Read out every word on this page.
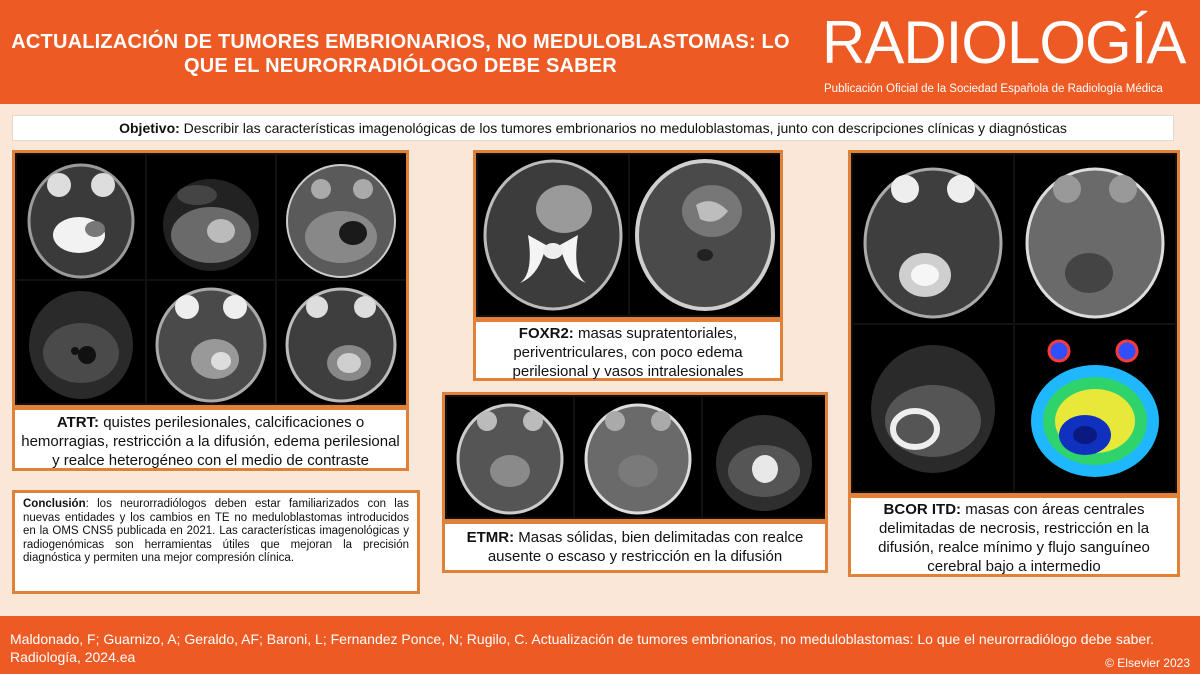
ACTUALIZACIÓN DE TUMORES EMBRIONARIOS, NO MEDULOBLASTOMAS: LO QUE EL NEURORRADIÓLOGO DEBE SABER	RADIOLOGÍA
Publicación Oficial de la Sociedad Española de Radiología Médica
Objetivo: Describir las características imagenológicas de los tumores embrionarios no meduloblastomas, junto con descripciones clínicas y diagnósticas
ATRT: quistes perilesionales, calcificaciones o hemorragias, restricción a la difusión, edema perilesional y realce heterogéneo con el medio de contraste
FOXR2: masas supratentoriales, periventriculares, con poco edema perilesional y vasos intralesionales
ETMR: Masas sólidas, bien delimitadas con realce ausente o escaso y restricción en la difusión
BCOR ITD: masas con áreas centrales delimitadas de necrosis, restricción en la difusión, realce mínimo y flujo sanguíneo cerebral bajo a intermedio
Conclusión: los neurorradiólogos deben estar familiarizados con las nuevas entidades y los cambios en TE no meduloblastomas introducidos en la OMS CNS5 publicada en 2021. Las características imagenológicas y radiogenómicas son herramientas útiles que mejoran la precisión diagnóstica y permiten una mejor compresión clínica.
Maldonado, F; Guarnizo, A; Geraldo, AF; Baroni, L; Fernandez Ponce, N; Rugilo, C. Actualización de tumores embrionarios, no meduloblastomas: Lo que el neurorradiólogo debe saber. Radiología, 2024.ea	© Elsevier 2023
